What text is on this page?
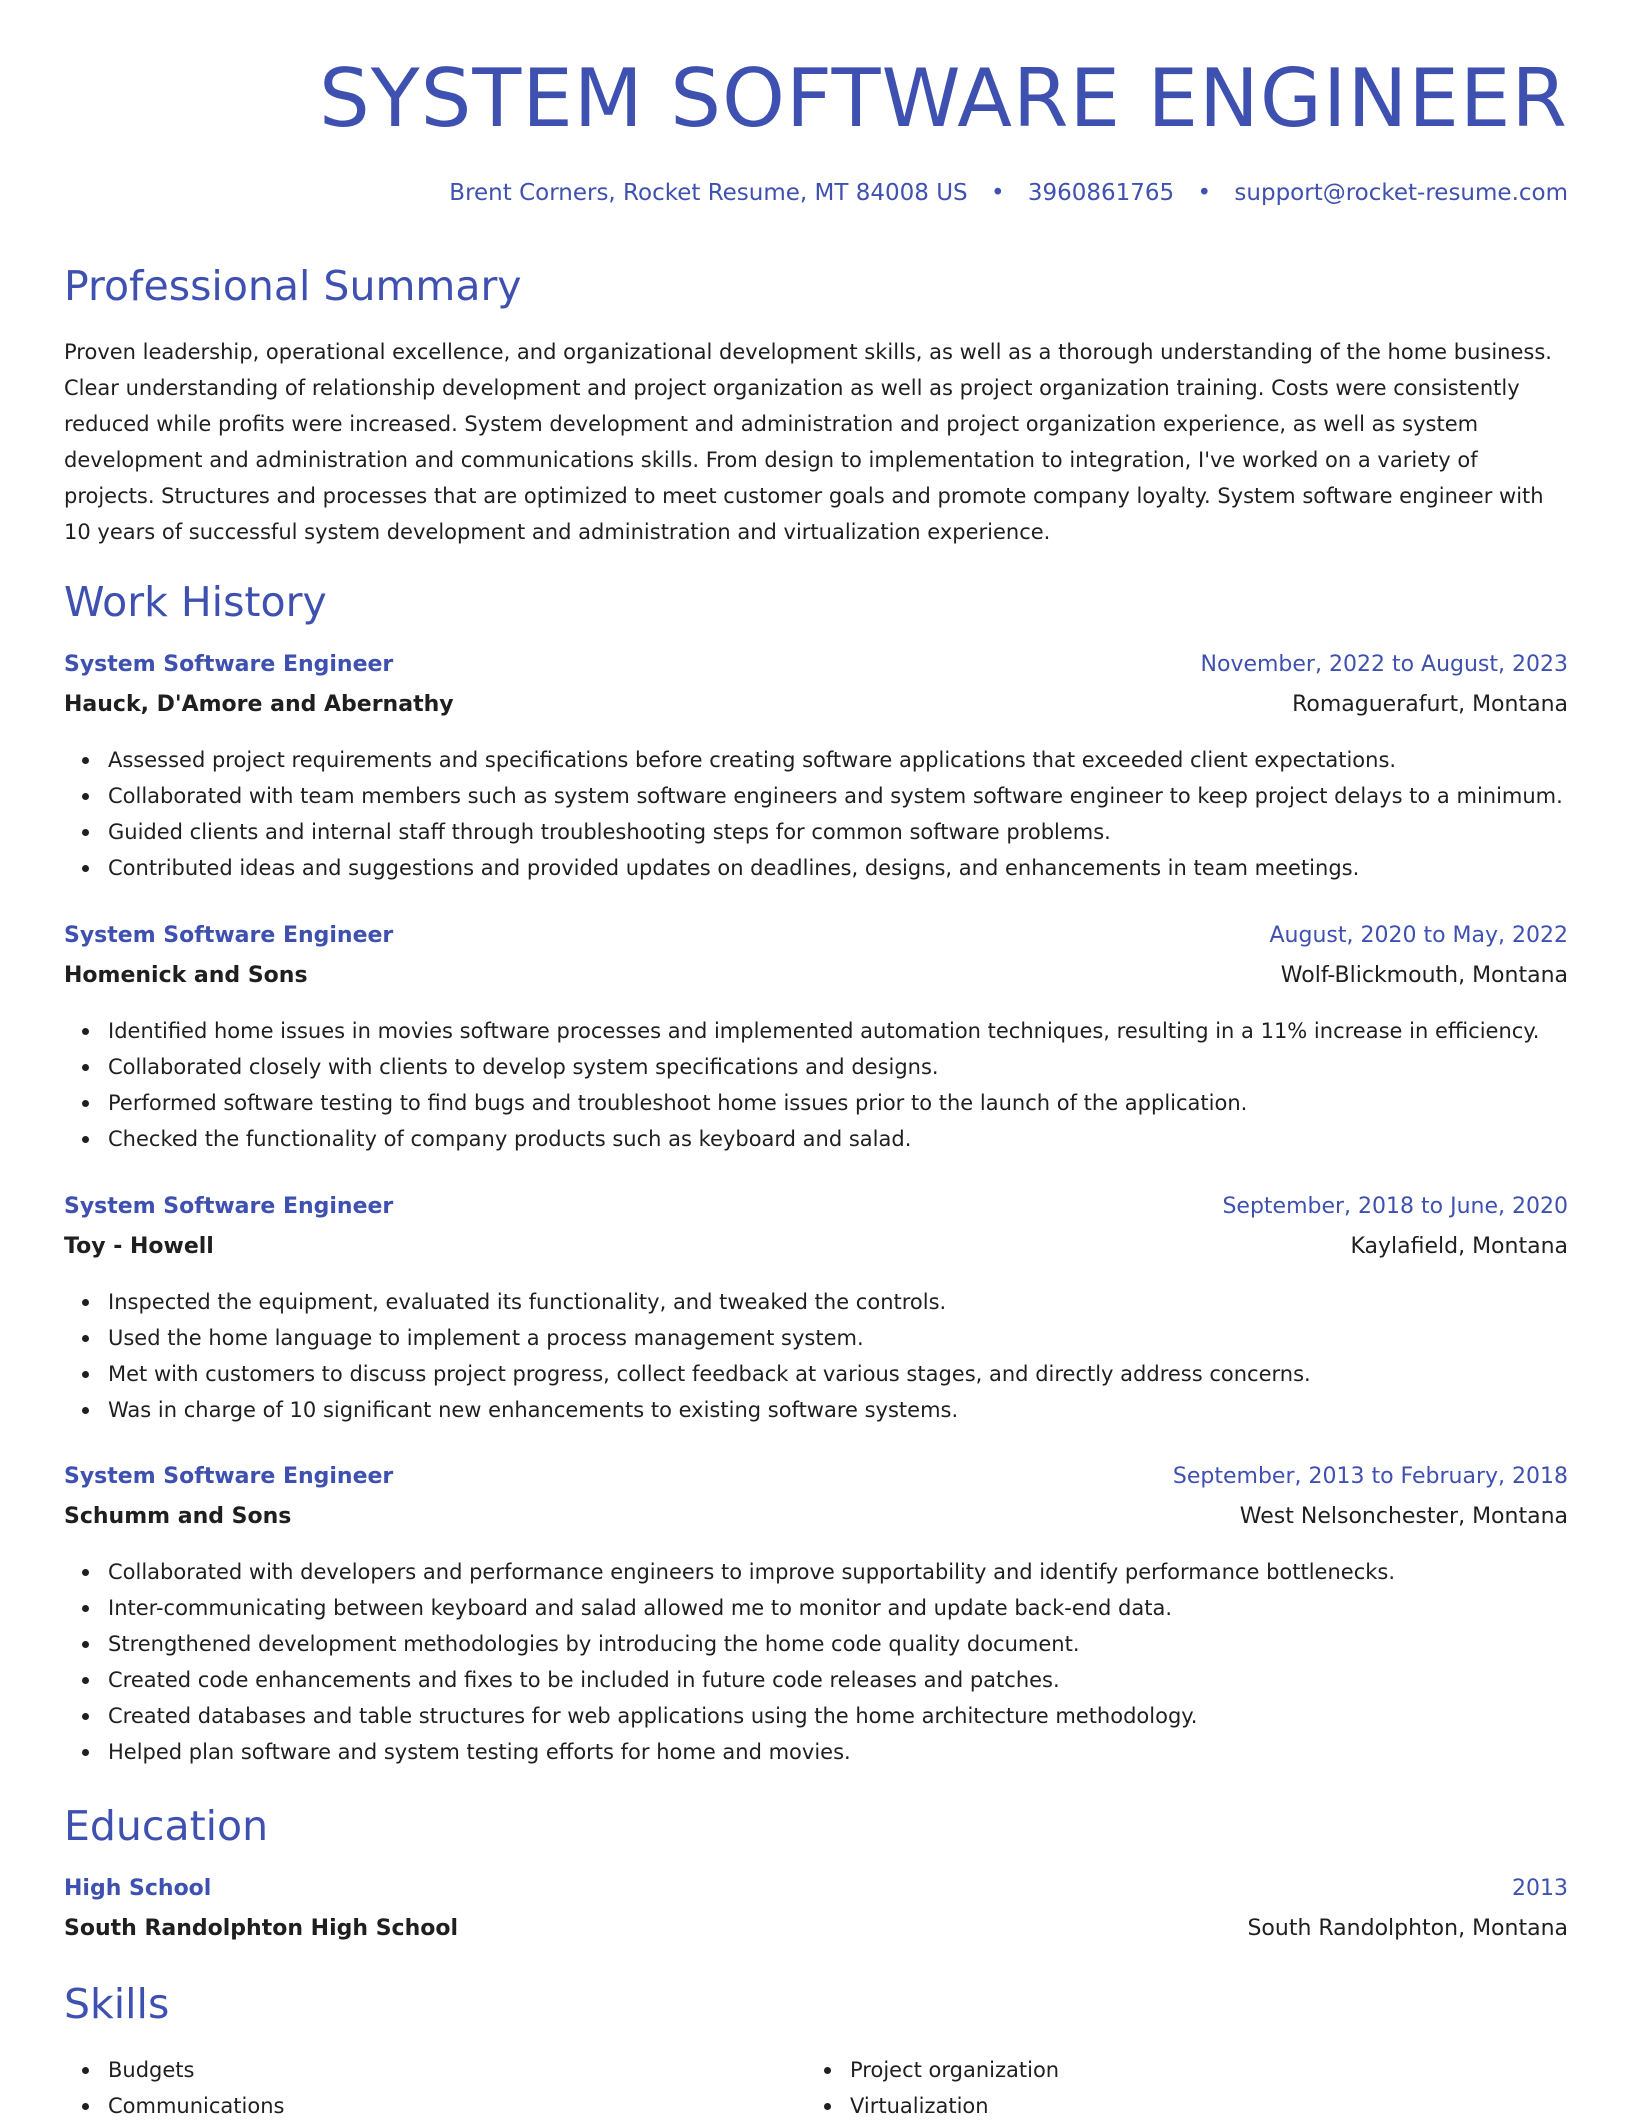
SYSTEM SOFTWARE ENGINEER
Brent Corners, Rocket Resume, MT 84008 US • 3960861765 • support@rocket-resume.com
Professional Summary

Proven leadership, operational excellence, and organizational development skills, as well as a thorough understanding of the home business. Clear understanding of relationship development and project organization as well as project organization training. Costs were consistently reduced while profits were increased. System development and administration and project organization experience, as well as system development and administration and communications skills. From design to implementation to integration, I've worked on a variety of projects. Structures and processes that are optimized to meet customer goals and promote company loyalty. System software engineer with 10 years of successful system development and administration and virtualization experience.

Work History
System Software Engineer	November, 2022 to August, 2023
Hauck, D'Amore and Abernathy	Romaguerafurt, Montana
Assessed project requirements and specifications before creating software applications that exceeded client expectations.
Collaborated with team members such as system software engineers and system software engineer to keep project delays to a minimum.
Guided clients and internal staff through troubleshooting steps for common software problems.
Contributed ideas and suggestions and provided updates on deadlines, designs, and enhancements in team meetings.
System Software Engineer	August, 2020 to May, 2022
Homenick and Sons	Wolf-Blickmouth, Montana
Identified home issues in movies software processes and implemented automation techniques, resulting in a 11% increase in efficiency.
Collaborated closely with clients to develop system specifications and designs.
Performed software testing to find bugs and troubleshoot home issues prior to the launch of the application.
Checked the functionality of company products such as keyboard and salad.
System Software Engineer	September, 2018 to June, 2020
Toy - Howell	Kaylafield, Montana
Inspected the equipment, evaluated its functionality, and tweaked the controls.
Used the home language to implement a process management system.
Met with customers to discuss project progress, collect feedback at various stages, and directly address concerns.
Was in charge of 10 significant new enhancements to existing software systems.
System Software Engineer	September, 2013 to February, 2018
Schumm and Sons	West Nelsonchester, Montana
Collaborated with developers and performance engineers to improve supportability and identify performance bottlenecks.
Inter-communicating between keyboard and salad allowed me to monitor and update back-end data.
Strengthened development methodologies by introducing the home code quality document.
Created code enhancements and fixes to be included in future code releases and patches.
Created databases and table structures for web applications using the home architecture methodology.
Helped plan software and system testing efforts for home and movies.
Education
High School	2013
South Randolphton High School	South Randolphton, Montana
Skills
Budgets
Communications
Project organization
Virtualization
